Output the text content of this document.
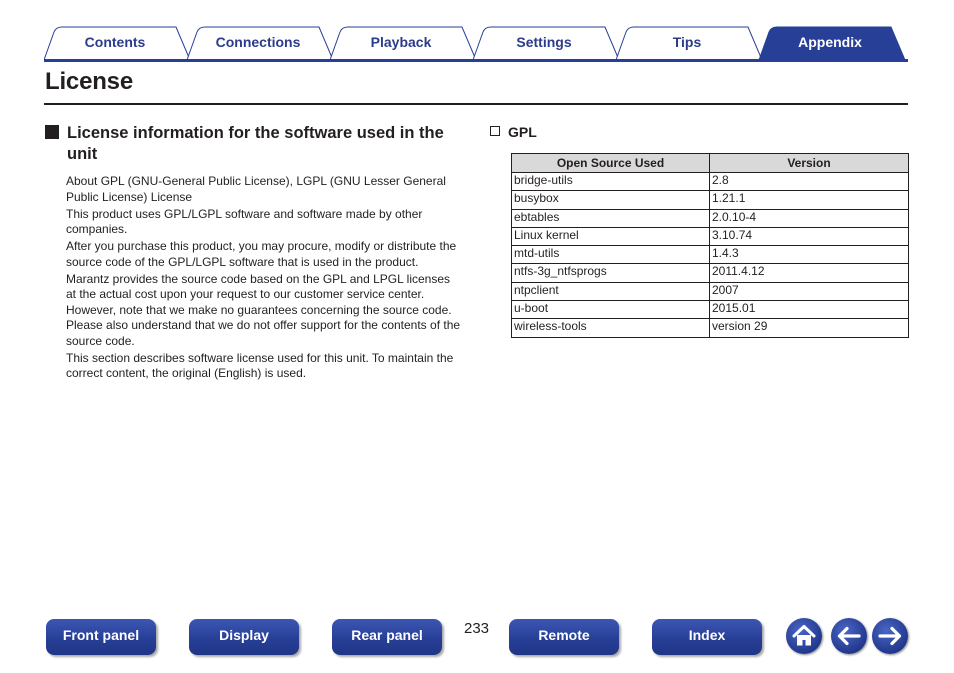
Contents	Connections	Playback	Settings	Tips	Appendix
License
License information for the software used in the unit

About GPL (GNU-General Public License), LGPL (GNU Lesser General Public License) License

This product uses GPL/LGPL software and software made by other companies.

After you purchase this product, you may procure, modify or distribute the source code of the GPL/LGPL software that is used in the product.

Marantz provides the source code based on the GPL and LPGL licenses at the actual cost upon your request to our customer service center. However, note that we make no guarantees concerning the source code. Please also understand that we do not offer support for the contents of the source code.

This section describes software license used for this unit. To maintain the correct content, the original (English) is used.

GPL
Open Source Used	Version
bridge-utils	2.8
busybox	1.21.1
ebtables	2.0.10-4
Linux kernel	3.10.74
mtd-utils	1.4.3
ntfs-3g_ntfsprogs	2011.4.12
ntpclient	2007
u-boot	2015.01
wireless-tools	version 29
Front panel	Display	Rear panel	233	Remote	Index
